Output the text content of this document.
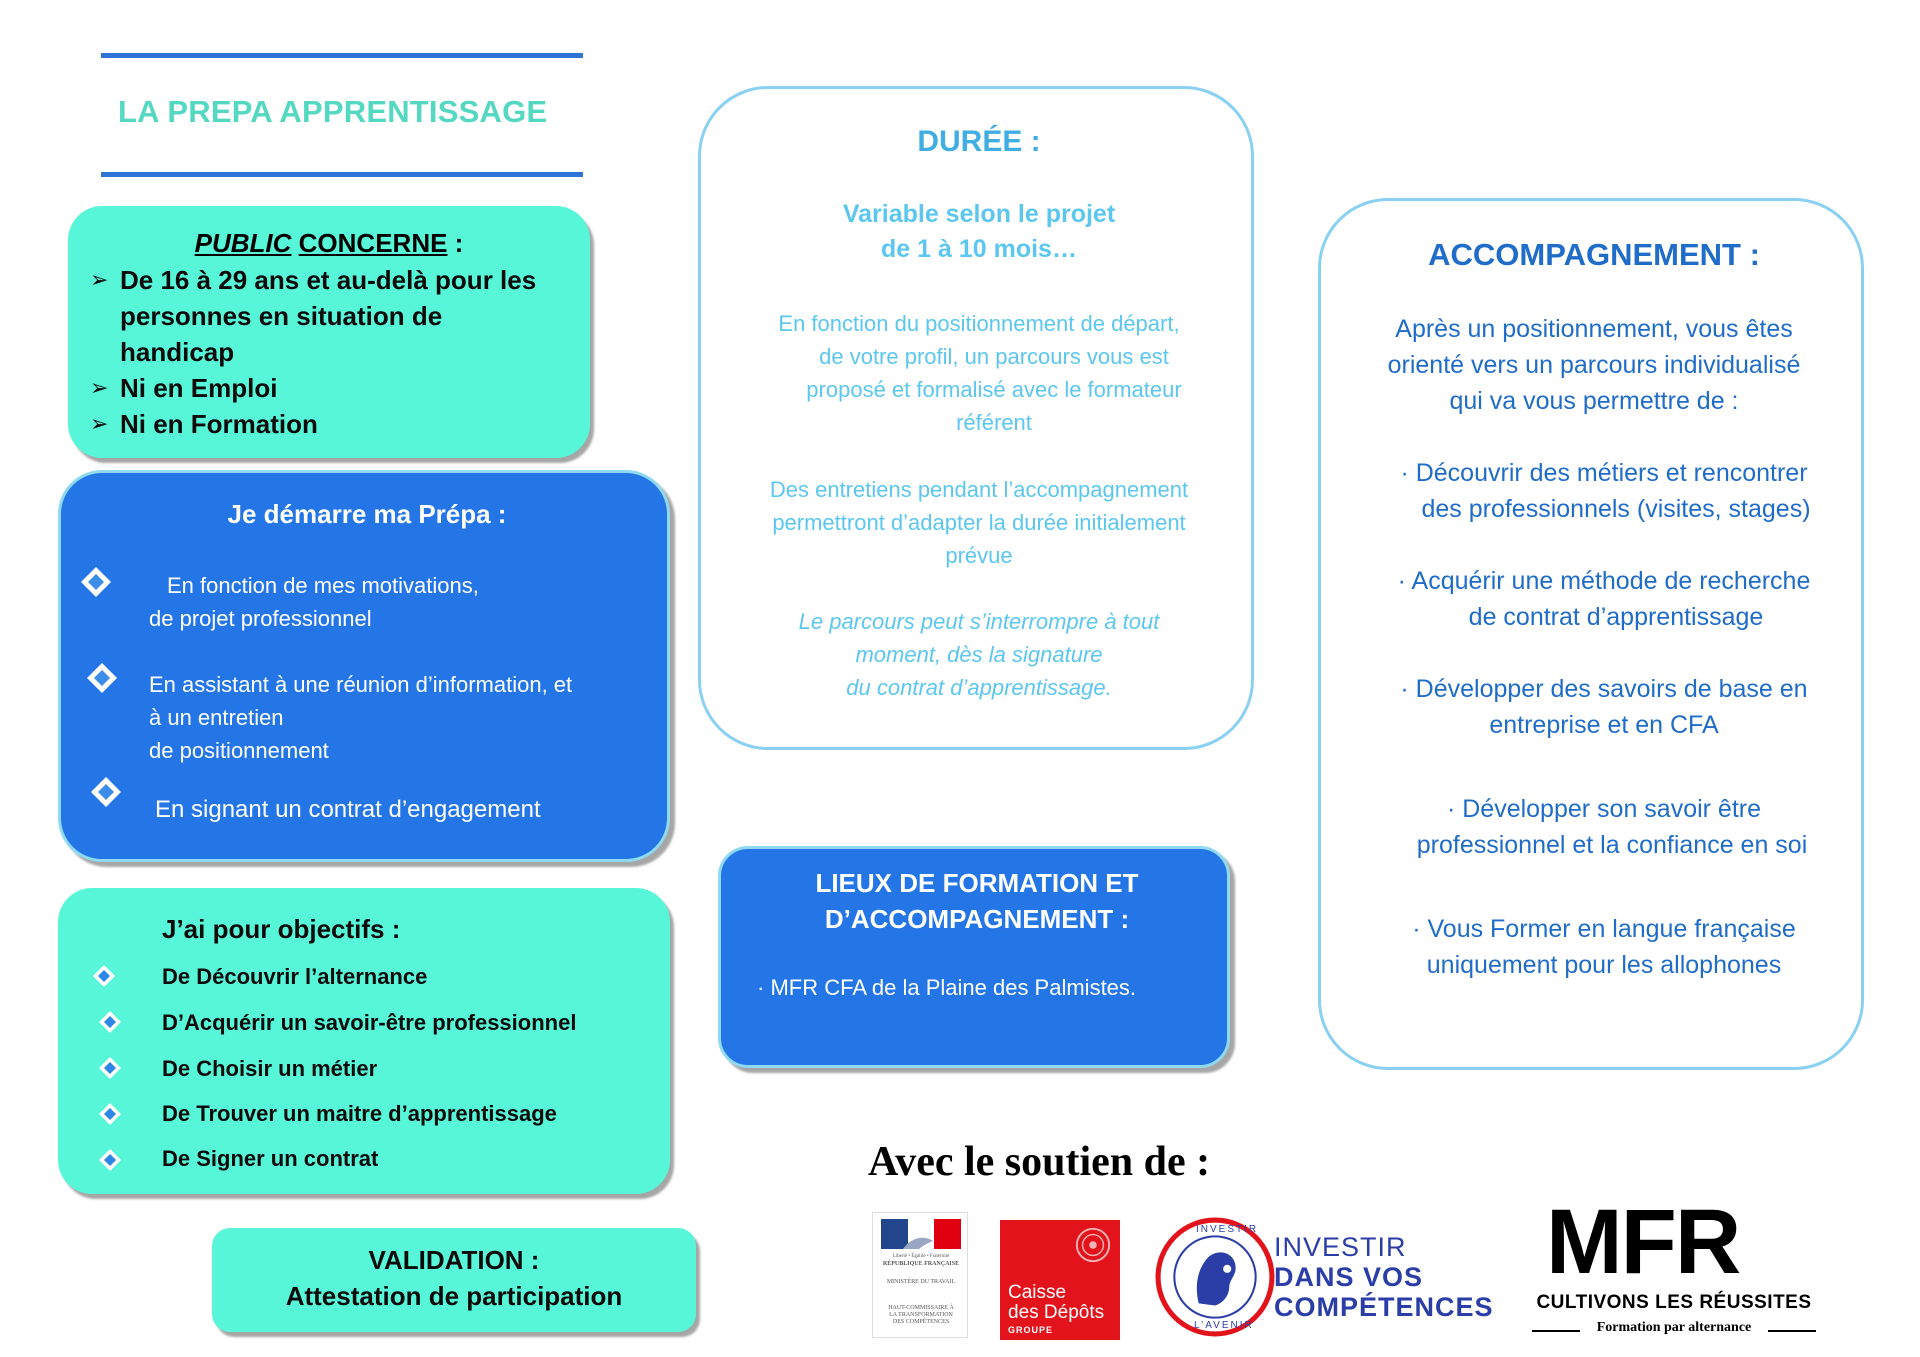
LA PREPA APPRENTISSAGE
PUBLIC CONCERNE :
➢ De 16 à 29 ans et au-delà pour les personnes en situation de handicap
➢ Ni en Emploi
➢ Ni en Formation
Je démarre ma Prépa :
En fonction de mes motivations,
de projet professionnel
En assistant à une réunion d’information, et
à un entretien
de positionnement
En signant un contrat d’engagement
J’ai pour objectifs :
De Découvrir l’alternance
D’Acquérir un savoir-être professionnel
De Choisir un métier
De Trouver un maitre d’apprentissage
De Signer un contrat
VALIDATION :
Attestation de participation
DURÉE :
Variable selon le projet
de 1 à 10 mois…
En fonction du positionnement de départ,
de votre profil, un parcours vous est
proposé et formalisé avec le formateur
référent
Des entretiens pendant l’accompagnement
permettront d’adapter la durée initialement
prévue
Le parcours peut s’interrompre à tout
moment, dès la signature
du contrat d’apprentissage.
LIEUX DE FORMATION ET
D’ACCOMPAGNEMENT :
· MFR CFA de la Plaine des Palmistes.
ACCOMPAGNEMENT :
Après un positionnement, vous êtes
orienté vers un parcours individualisé
qui va vous permettre de :
· Découvrir des métiers et rencontrer
des professionnels (visites, stages)
· Acquérir une méthode de recherche
de contrat d’apprentissage
· Développer des savoirs de base en
entreprise et en CFA
· Développer son savoir être
professionnel et la confiance en soi
· Vous Former en langue française
uniquement pour les allophones
Avec le soutien de :
Liberté • Égalité • Fraternité
RÉPUBLIQUE FRANÇAISE
MINISTÈRE DU TRAVAIL
HAUT-COMMISSAIRE À LA TRANSFORMATION DES COMPÉTENCES
Caisse
des Dépôts
GROUPE
INVESTIR
L’AVENIR
INVESTIR
DANS VOS
COMPÉTENCES
MFR
CULTIVONS LES RÉUSSITES
Formation par alternance
